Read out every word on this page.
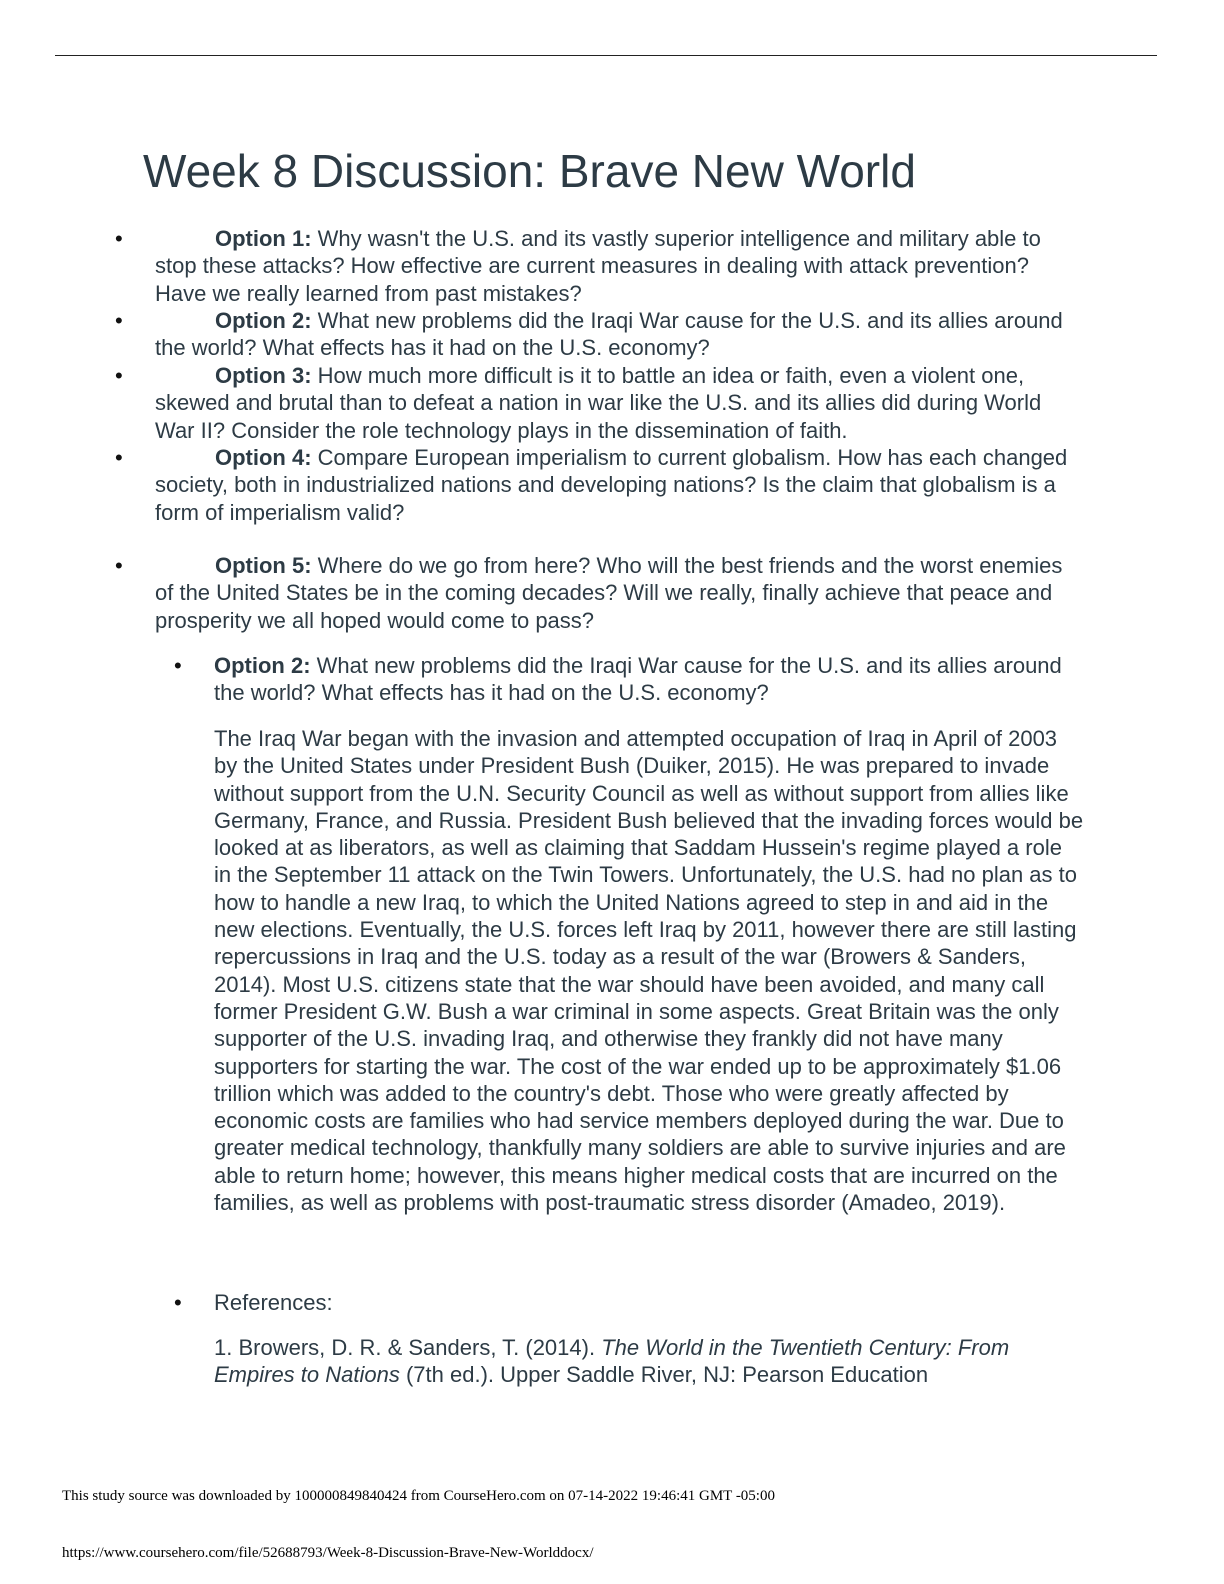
Week 8 Discussion: Brave New World
•	Option 1: Why wasn't the U.S. and its vastly superior intelligence and military able to stop these attacks? How effective are current measures in dealing with attack prevention? Have we really learned from past mistakes?
•	Option 2: What new problems did the Iraqi War cause for the U.S. and its allies around the world? What effects has it had on the U.S. economy?
•	Option 3: How much more difficult is it to battle an idea or faith, even a violent one, skewed and brutal than to defeat a nation in war like the U.S. and its allies did during World War II? Consider the role technology plays in the dissemination of faith.
•	Option 4: Compare European imperialism to current globalism. How has each changed society, both in industrialized nations and developing nations? Is the claim that globalism is a form of imperialism valid?
•	Option 5: Where do we go from here? Who will the best friends and the worst enemies of the United States be in the coming decades? Will we really, finally achieve that peace and prosperity we all hoped would come to pass?
• Option 2: What new problems did the Iraqi War cause for the U.S. and its allies around the world? What effects has it had on the U.S. economy?

The Iraq War began with the invasion and attempted occupation of Iraq in April of 2003 by the United States under President Bush (Duiker, 2015). He was prepared to invade without support from the U.N. Security Council as well as without support from allies like Germany, France, and Russia. President Bush believed that the invading forces would be looked at as liberators, as well as claiming that Saddam Hussein's regime played a role in the September 11 attack on the Twin Towers. Unfortunately, the U.S. had no plan as to how to handle a new Iraq, to which the United Nations agreed to step in and aid in the new elections. Eventually, the U.S. forces left Iraq by 2011, however there are still lasting repercussions in Iraq and the U.S. today as a result of the war (Browers & Sanders, 2014). Most U.S. citizens state that the war should have been avoided, and many call former President G.W. Bush a war criminal in some aspects. Great Britain was the only supporter of the U.S. invading Iraq, and otherwise they frankly did not have many supporters for starting the war. The cost of the war ended up to be approximately $1.06 trillion which was added to the country's debt. Those who were greatly affected by economic costs are families who had service members deployed during the war. Due to greater medical technology, thankfully many soldiers are able to survive injuries and are able to return home; however, this means higher medical costs that are incurred on the families, as well as problems with post-traumatic stress disorder (Amadeo, 2019).

• References:
1. Browers, D. R. & Sanders, T. (2014). The World in the Twentieth Century: From Empires to Nations (7th ed.). Upper Saddle River, NJ: Pearson Education
This study source was downloaded by 100000849840424 from CourseHero.com on 07-14-2022 19:46:41 GMT -05:00
https://www.coursehero.com/file/52688793/Week-8-Discussion-Brave-New-Worlddocx/
